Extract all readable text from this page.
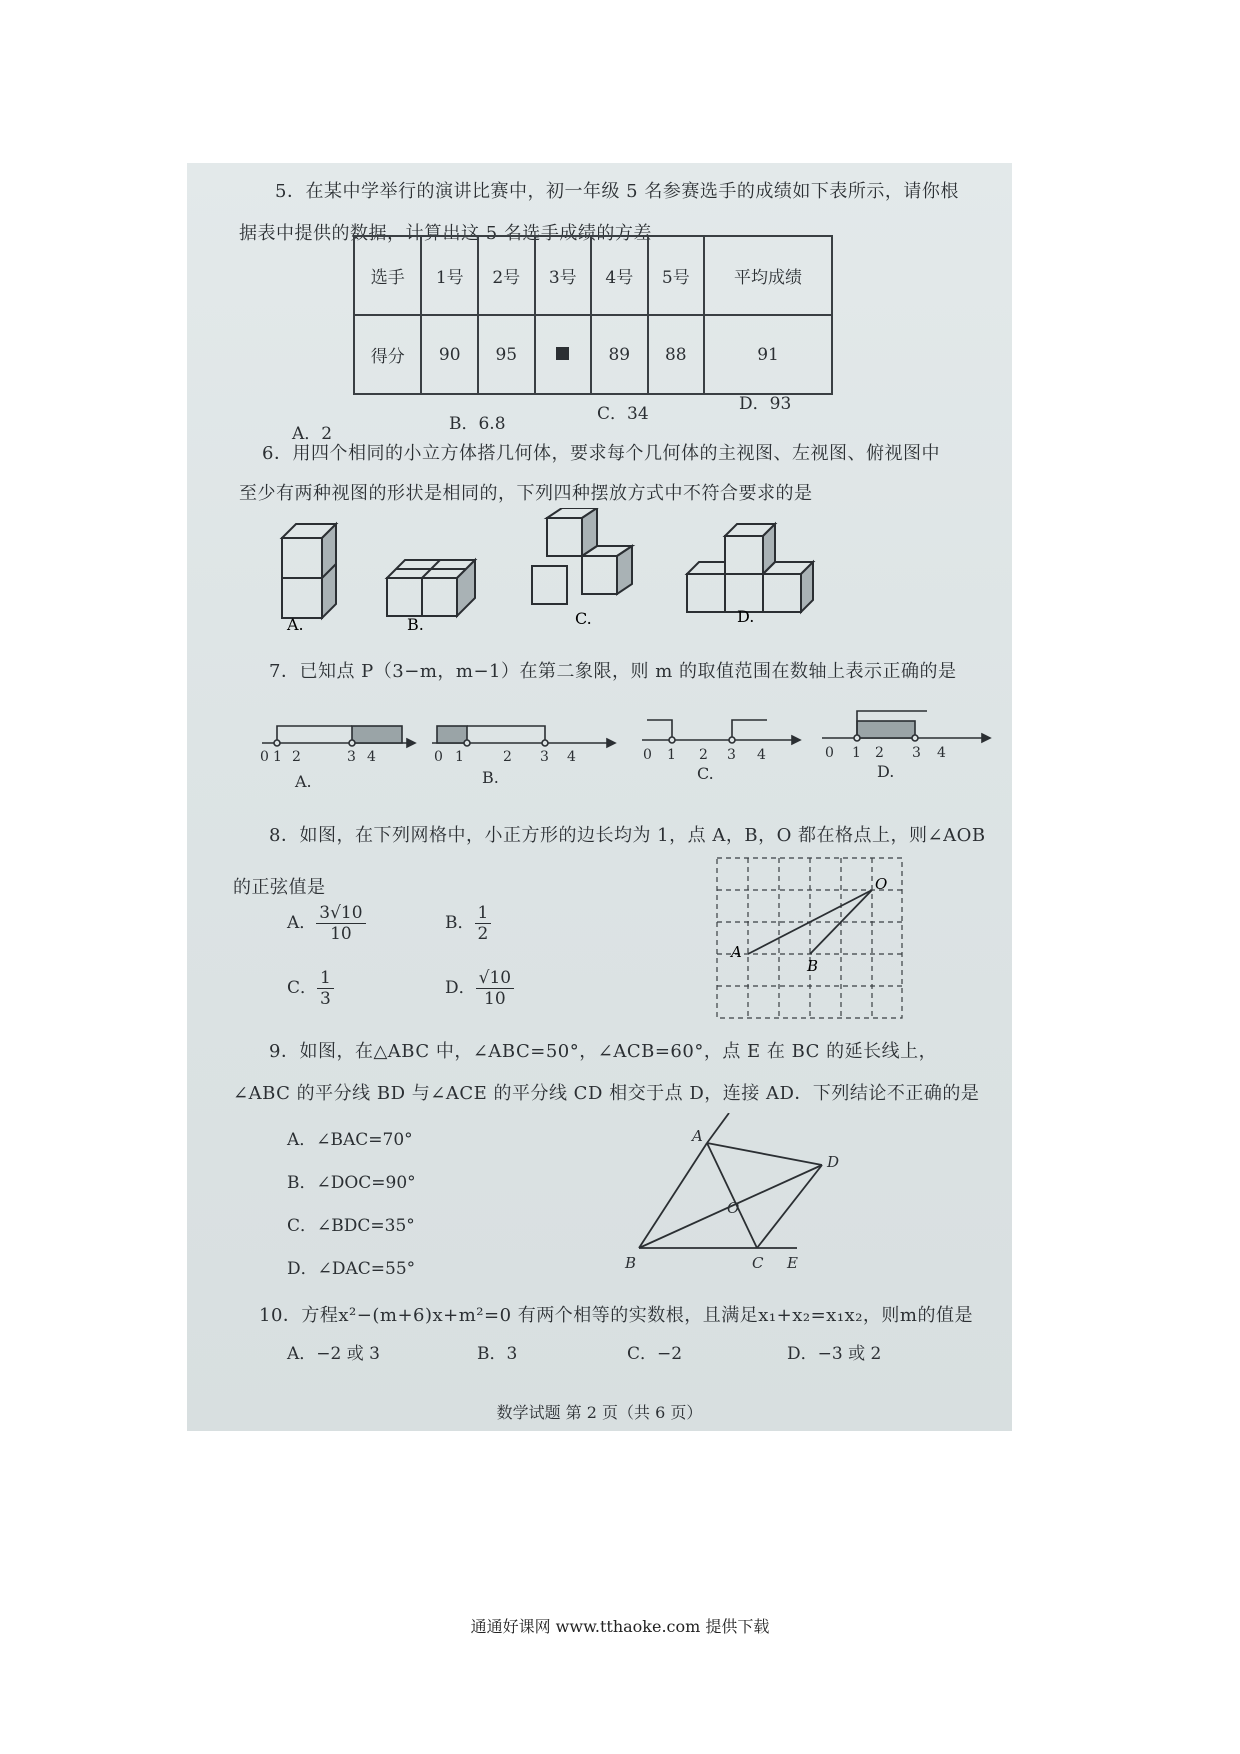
5．在某中学举行的演讲比赛中，初一年级 5 名参赛选手的成绩如下表所示，请你根
据表中提供的数据，计算出这 5 名选手成绩的方差
选手	1号	2号	3号	4号	5号	平均成绩
得分	90	95		89	88	91
A．2	B．6.8	C．34	D．93
6．用四个相同的小立方体搭几何体，要求每个几何体的主视图、左视图、俯视图中
至少有两种视图的形状是相同的，下列四种摆放方式中不符合要求的是
A.	B.	C.	D.
7．已知点 P（3−m，m−1）在第二象限，则 m 的取值范围在数轴上表示正确的是
0 1 2	3 4	0 1	2 3 4	0 1 2 3 4	0 1 2 3 4
A.	B.	C.	D.
8．如图，在下列网格中，小正方形的边长均为 1，点 A，B，O 都在格点上，则∠AOB
的正弦值是
A． $\frac{3√10}{10}$	B． $\frac{1}{2}$
C． $\frac{1}{3}$	D． $\frac{√10}{10}$
A
B
O
9．如图，在△ABC 中，∠ABC=50°，∠ACB=60°，点 E 在 BC 的延长线上，
∠ABC 的平分线 BD 与∠ACE 的平分线 CD 相交于点 D，连接 AD．下列结论不正确的是
A．∠BAC=70°
B．∠DOC=90°
C．∠BDC=35°
D．∠DAC=55°
A
B	C
D
E
O
10．方程x²−(m+6)x+m²=0 有两个相等的实数根，且满足x₁+x₂=x₁x₂，则m的值是
A．−2 或 3	B．3	C．−2	D．−3 或 2
数学试题 第 2 页（共 6 页）
通通好课网 www.tthaoke.com 提供下载
